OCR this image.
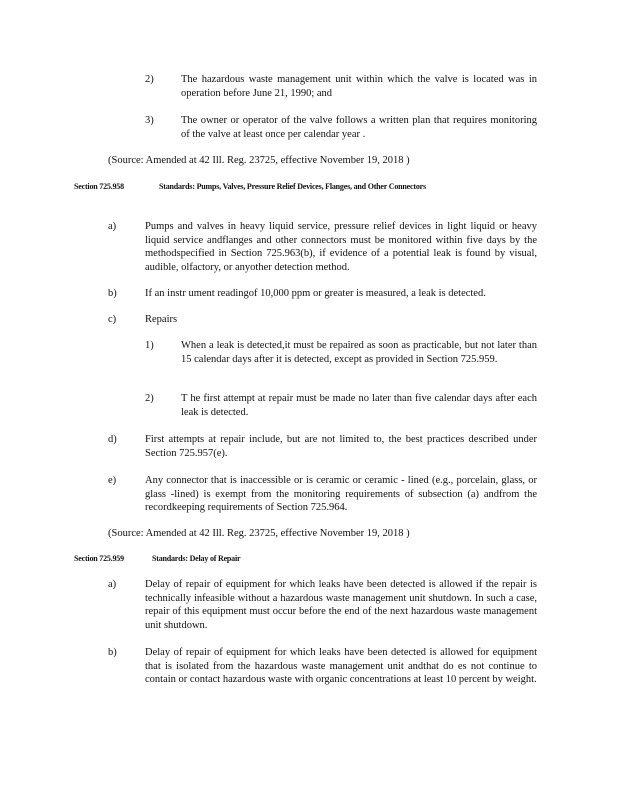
2)	The hazardous waste management unit within which the valve is located was in operation before June 21, 1990; and
3)	The owner or operator of the valve follows a written plan that requires monitoring of the valve at least once per calendar year .
(Source: Amended at 42 Ill. Reg. 23725, effective November 19, 2018 )
Section 725.958	Standards: Pumps, Valves, Pressure Relief Devices, Flanges, and Other Connectors
a)	Pumps and valves in heavy liquid service, pressure relief devices in light liquid or heavy liquid service andflanges and other connectors must be monitored within five days by the methodspecified in Section 725.963(b), if evidence of a potential leak is found by visual, audible, olfactory, or anyother detection method.
b)	If an instr ument readingof 10,000 ppm or greater is measured, a leak is detected.
c)	Repairs
1)	When a leak is detected,it must be repaired as soon as practicable, but not later than 15 calendar days after it is detected, except as provided in Section 725.959.
2)	T he first attempt at repair must be made no later than five calendar days after each leak is detected.
d)	First attempts at repair include, but are not limited to, the best practices described under Section 725.957(e).
e)	Any connector that is inaccessible or is ceramic or ceramic - lined (e.g., porcelain, glass, or glass -lined) is exempt from the monitoring requirements of subsection (a) andfrom the recordkeeping requirements of Section 725.964.
(Source: Amended at 42 Ill. Reg. 23725, effective November 19, 2018 )
Section 725.959	Standards: Delay of Repair
a)	Delay of repair of equipment for which leaks have been detected is allowed if the repair is technically infeasible without a hazardous waste management unit shutdown. In such a case, repair of this equipment must occur before the end of the next hazardous waste management unit shutdown.
b)	Delay of repair of equipment for which leaks have been detected is allowed for equipment that is isolated from the hazardous waste management unit andthat do es not continue to contain or contact hazardous waste with organic concentrations at least 10 percent by weight.
